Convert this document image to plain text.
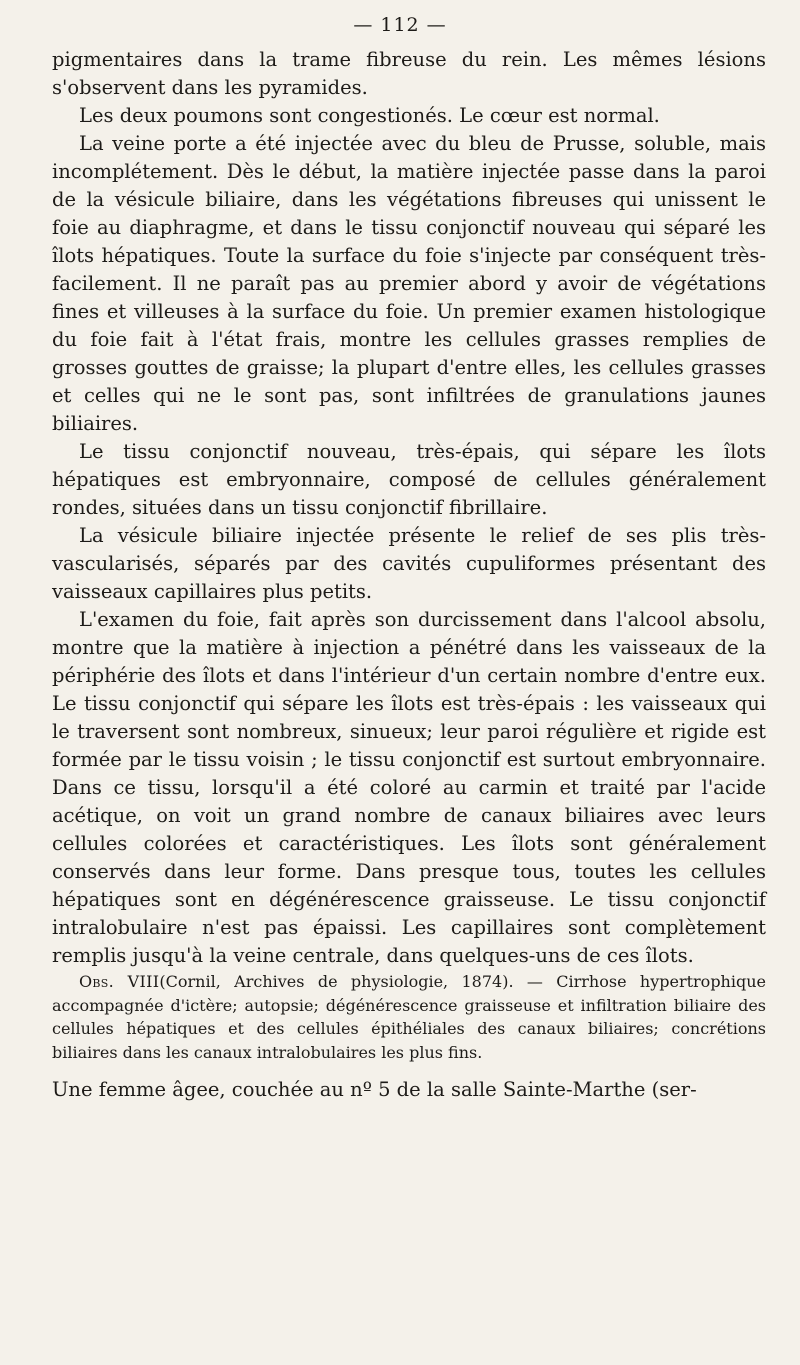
— 112 —

pigmentaires dans la trame fibreuse du rein. Les mêmes lésions s'observent dans les pyramides.

Les deux poumons sont congestionés. Le cœur est normal.

La veine porte a été injectée avec du bleu de Prusse, soluble, mais incomplétement. Dès le début, la matière injectée passe dans la paroi de la vésicule biliaire, dans les végétations fibreuses qui unissent le foie au diaphragme, et dans le tissu conjonctif nouveau qui séparé les îlots hépatiques. Toute la surface du foie s'injecte par conséquent très-facilement. Il ne paraît pas au premier abord y avoir de végétations fines et villeuses à la surface du foie. Un premier examen histologique du foie fait à l'état frais, montre les cellules grasses remplies de grosses gouttes de graisse; la plupart d'entre elles, les cellules grasses et celles qui ne le sont pas, sont infiltrées de granulations jaunes biliaires.

Le tissu conjonctif nouveau, très-épais, qui sépare les îlots hépatiques est embryonnaire, composé de cellules généralement rondes, situées dans un tissu conjonctif fibrillaire.

La vésicule biliaire injectée présente le relief de ses plis très-vascularisés, séparés par des cavités cupuliformes présentant des vaisseaux capillaires plus petits.

L'examen du foie, fait après son durcissement dans l'alcool absolu, montre que la matière à injection a pénétré dans les vaisseaux de la périphérie des îlots et dans l'intérieur d'un certain nombre d'entre eux. Le tissu conjonctif qui sépare les îlots est très-épais : les vaisseaux qui le traversent sont nombreux, sinueux; leur paroi régulière et rigide est formée par le tissu voisin ; le tissu conjonctif est surtout embryonnaire. Dans ce tissu, lorsqu'il a été coloré au carmin et traité par l'acide acétique, on voit un grand nombre de canaux biliaires avec leurs cellules colorées et caractéristiques. Les îlots sont généralement conservés dans leur forme. Dans presque tous, toutes les cellules hépatiques sont en dégénérescence graisseuse. Le tissu conjonctif intralobulaire n'est pas épaissi. Les capillaires sont complètement remplis jusqu'à la veine centrale, dans quelques-uns de ces îlots.

Obs. VIII(Cornil, Archives de physiologie, 1874). — Cirrhose hypertrophique accompagnée d'ictère; autopsie; dégénérescence graisseuse et infiltration biliaire des cellules hépatiques et des cellules épithéliales des canaux biliaires; concrétions biliaires dans les canaux intralobulaires les plus fins.

Une femme âgee, couchée au nº 5 de la salle Sainte-Marthe (ser-
